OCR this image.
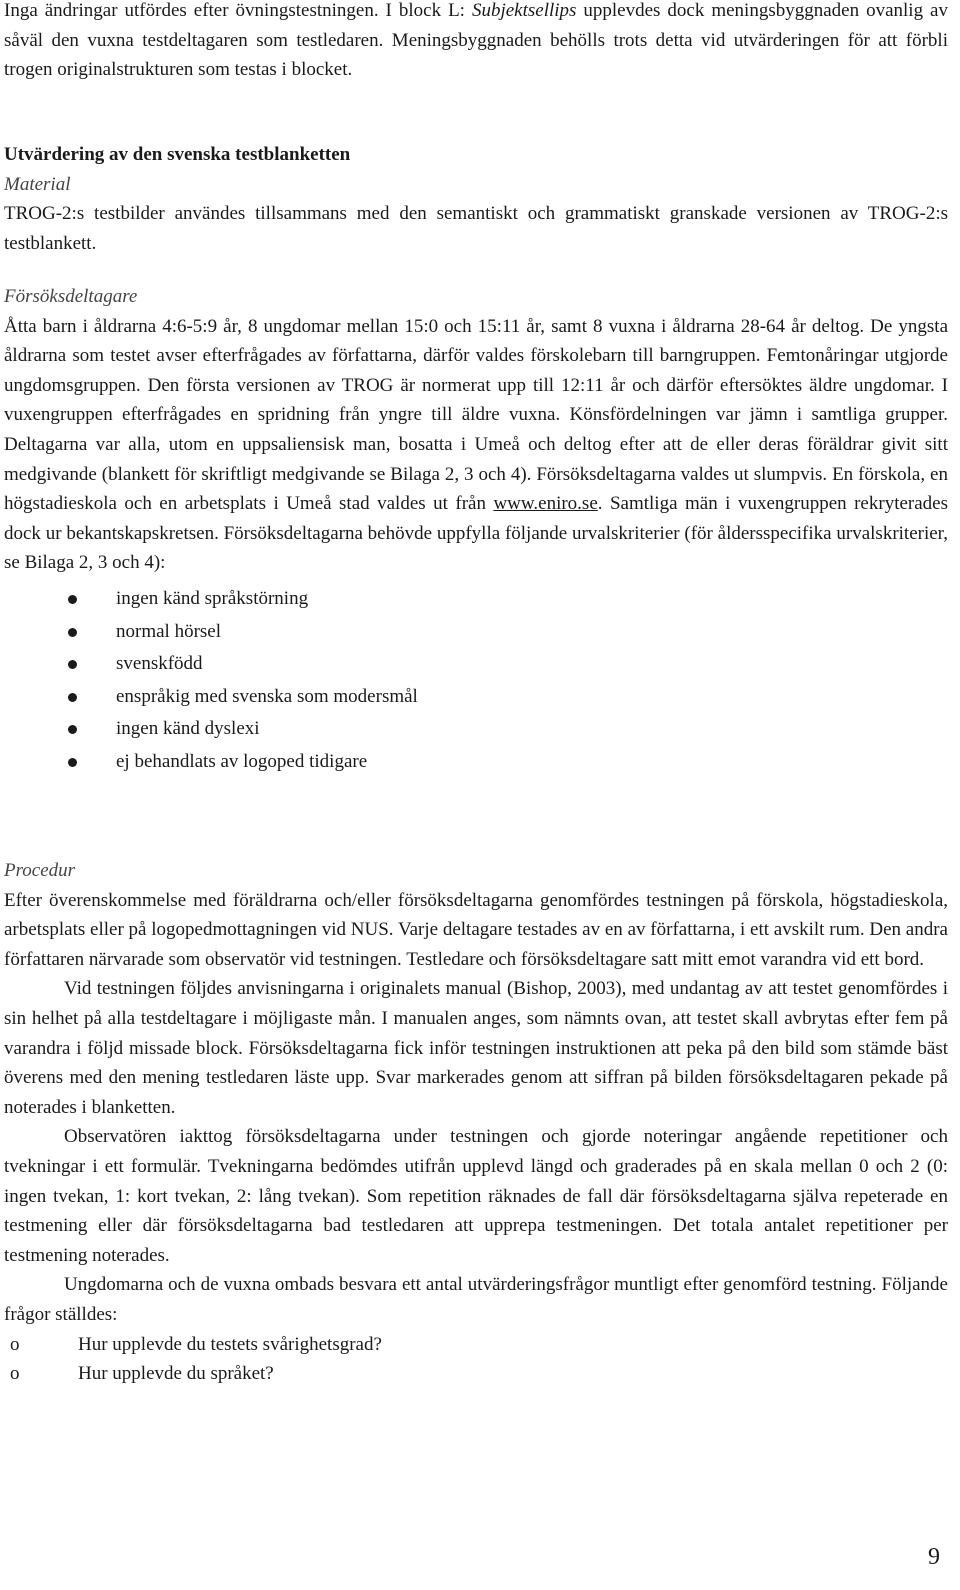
Inga ändringar utfördes efter övningstestningen. I block L: Subjektsellips upplevdes dock meningsbyggnaden ovanlig av såväl den vuxna testdeltagaren som testledaren. Meningsbyggnaden behölls trots detta vid utvärderingen för att förbli trogen originalstrukturen som testas i blocket.

Utvärdering av den svenska testblanketten

Material

TROG-2:s testbilder användes tillsammans med den semantiskt och grammatiskt granskade versionen av TROG-2:s testblankett.

Försöksdeltagare

Åtta barn i åldrarna 4:6-5:9 år, 8 ungdomar mellan 15:0 och 15:11 år, samt 8 vuxna i åldrarna 28-64 år deltog. De yngsta åldrarna som testet avser efterfrågades av författarna, därför valdes förskolebarn till barngruppen. Femtonåringar utgjorde ungdomsgruppen. Den första versionen av TROG är normerat upp till 12:11 år och därför eftersöktes äldre ungdomar. I vuxengruppen efterfrågades en spridning från yngre till äldre vuxna. Könsfördelningen var jämn i samtliga grupper. Deltagarna var alla, utom en uppsaliensisk man, bosatta i Umeå och deltog efter att de eller deras föräldrar givit sitt medgivande (blankett för skriftligt medgivande se Bilaga 2, 3 och 4). Försöksdeltagarna valdes ut slumpvis. En förskola, en högstadieskola och en arbetsplats i Umeå stad valdes ut från www.eniro.se. Samtliga män i vuxengruppen rekryterades dock ur bekantskapskretsen. Försöksdeltagarna behövde uppfylla följande urvalskriterier (för åldersspecifika urvalskriterier, se Bilaga 2, 3 och 4):

ingen känd språkstörning
normal hörsel
svenskfödd
enspråkig med svenska som modersmål
ingen känd dyslexi
ej behandlats av logoped tidigare

Procedur

Efter överenskommelse med föräldrarna och/eller försöksdeltagarna genomfördes testningen på förskola, högstadieskola, arbetsplats eller på logopedmottagningen vid NUS. Varje deltagare testades av en av författarna, i ett avskilt rum. Den andra författaren närvarade som observatör vid testningen. Testledare och försöksdeltagare satt mitt emot varandra vid ett bord.

Vid testningen följdes anvisningarna i originalets manual (Bishop, 2003), med undantag av att testet genomfördes i sin helhet på alla testdeltagare i möjligaste mån. I manualen anges, som nämnts ovan, att testet skall avbrytas efter fem på varandra i följd missade block. Försöksdeltagarna fick inför testningen instruktionen att peka på den bild som stämde bäst överens med den mening testledaren läste upp. Svar markerades genom att siffran på bilden försöksdeltagaren pekade på noterades i blanketten.

Observatören iakttog försöksdeltagarna under testningen och gjorde noteringar angående repetitioner och tvekningar i ett formulär. Tvekningarna bedömdes utifrån upplevd längd och graderades på en skala mellan 0 och 2 (0: ingen tvekan, 1: kort tvekan, 2: lång tvekan). Som repetition räknades de fall där försöksdeltagarna själva repeterade en testmening eller där försöksdeltagarna bad testledaren att upprepa testmeningen. Det totala antalet repetitioner per testmening noterades.

Ungdomarna och de vuxna ombads besvara ett antal utvärderingsfrågor muntligt efter genomförd testning. Följande frågor ställdes:

o	Hur upplevde du testets svårighetsgrad?
o	Hur upplevde du språket?
9
